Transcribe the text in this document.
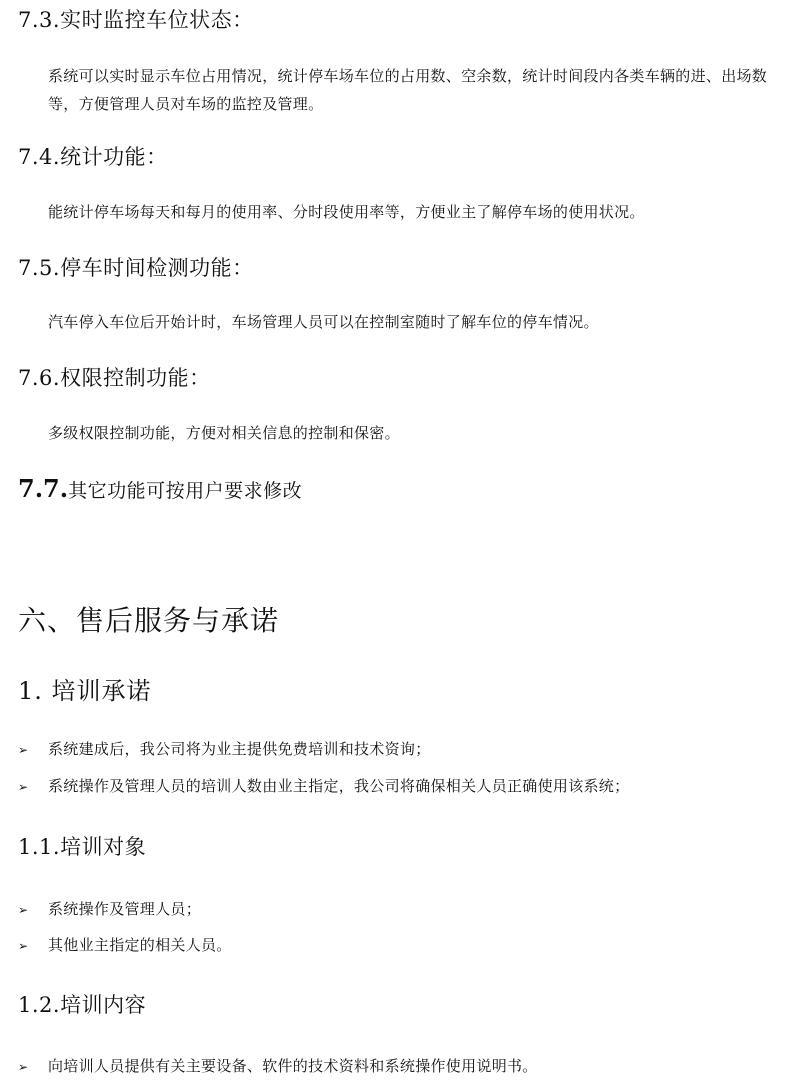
7.3.实时监控车位状态：
系统可以实时显示车位占用情况，统计停车场车位的占用数、空余数，统计时间段内各类车辆的进、出场数
等，方便管理人员对车场的监控及管理。
7.4.统计功能：
能统计停车场每天和每月的使用率、分时段使用率等，方便业主了解停车场的使用状况。
7.5.停车时间检测功能：
汽车停入车位后开始计时，车场管理人员可以在控制室随时了解车位的停车情况。
7.6.权限控制功能：
多级权限控制功能，方便对相关信息的控制和保密。
7.7.其它功能可按用户要求修改
六、售后服务与承诺
1. 培训承诺
➢ 系统建成后，我公司将为业主提供免费培训和技术资询；
➢ 系统操作及管理人员的培训人数由业主指定，我公司将确保相关人员正确使用该系统；
1.1.培训对象
➢ 系统操作及管理人员；
➢ 其他业主指定的相关人员。
1.2.培训内容
➢ 向培训人员提供有关主要设备、软件的技术资料和系统操作使用说明书。
